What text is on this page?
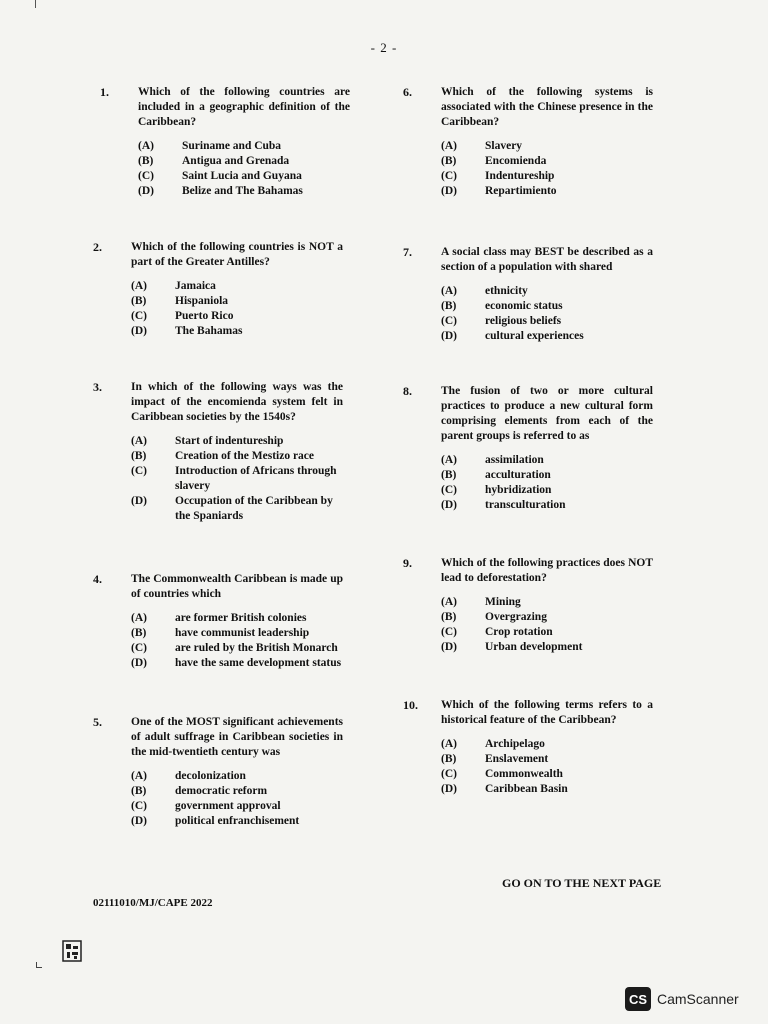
- 2 -
1.	Which of the following countries are included in a geographic definition of the Caribbean?

(A)	Suriname and Cuba
(B)	Antigua and Grenada
(C)	Saint Lucia and Guyana
(D)	Belize and The Bahamas
2.	Which of the following countries is NOT a part of the Greater Antilles?

(A)	Jamaica
(B)	Hispaniola
(C)	Puerto Rico
(D)	The Bahamas
3.	In which of the following ways was the impact of the encomienda system felt in Caribbean societies by the 1540s?

(A)	Start of indentureship
(B)	Creation of the Mestizo race
(C)	Introduction of Africans through slavery
(D)	Occupation of the Caribbean by the Spaniards
4.	The Commonwealth Caribbean is made up of countries which

(A)	are former British colonies
(B)	have communist leadership
(C)	are ruled by the British Monarch
(D)	have the same development status
5.	One of the MOST significant achievements of adult suffrage in Caribbean societies in the mid-twentieth century was

(A)	decolonization
(B)	democratic reform
(C)	government approval
(D)	political enfranchisement
6.	Which of the following systems is associated with the Chinese presence in the Caribbean?

(A)	Slavery
(B)	Encomienda
(C)	Indentureship
(D)	Repartimiento
7.	A social class may BEST be described as a section of a population with shared

(A)	ethnicity
(B)	economic status
(C)	religious beliefs
(D)	cultural experiences
8.	The fusion of two or more cultural practices to produce a new cultural form comprising elements from each of the parent groups is referred to as

(A)	assimilation
(B)	acculturation
(C)	hybridization
(D)	transculturation
9.	Which of the following practices does NOT lead to deforestation?

(A)	Mining
(B)	Overgrazing
(C)	Crop rotation
(D)	Urban development
10. Which of the following terms refers to a historical feature of the Caribbean?

(A)	Archipelago
(B)	Enslavement
(C)	Commonwealth
(D)	Caribbean Basin
GO ON TO THE NEXT PAGE
02111010/MJ/CAPE 2022
CS CamScanner
